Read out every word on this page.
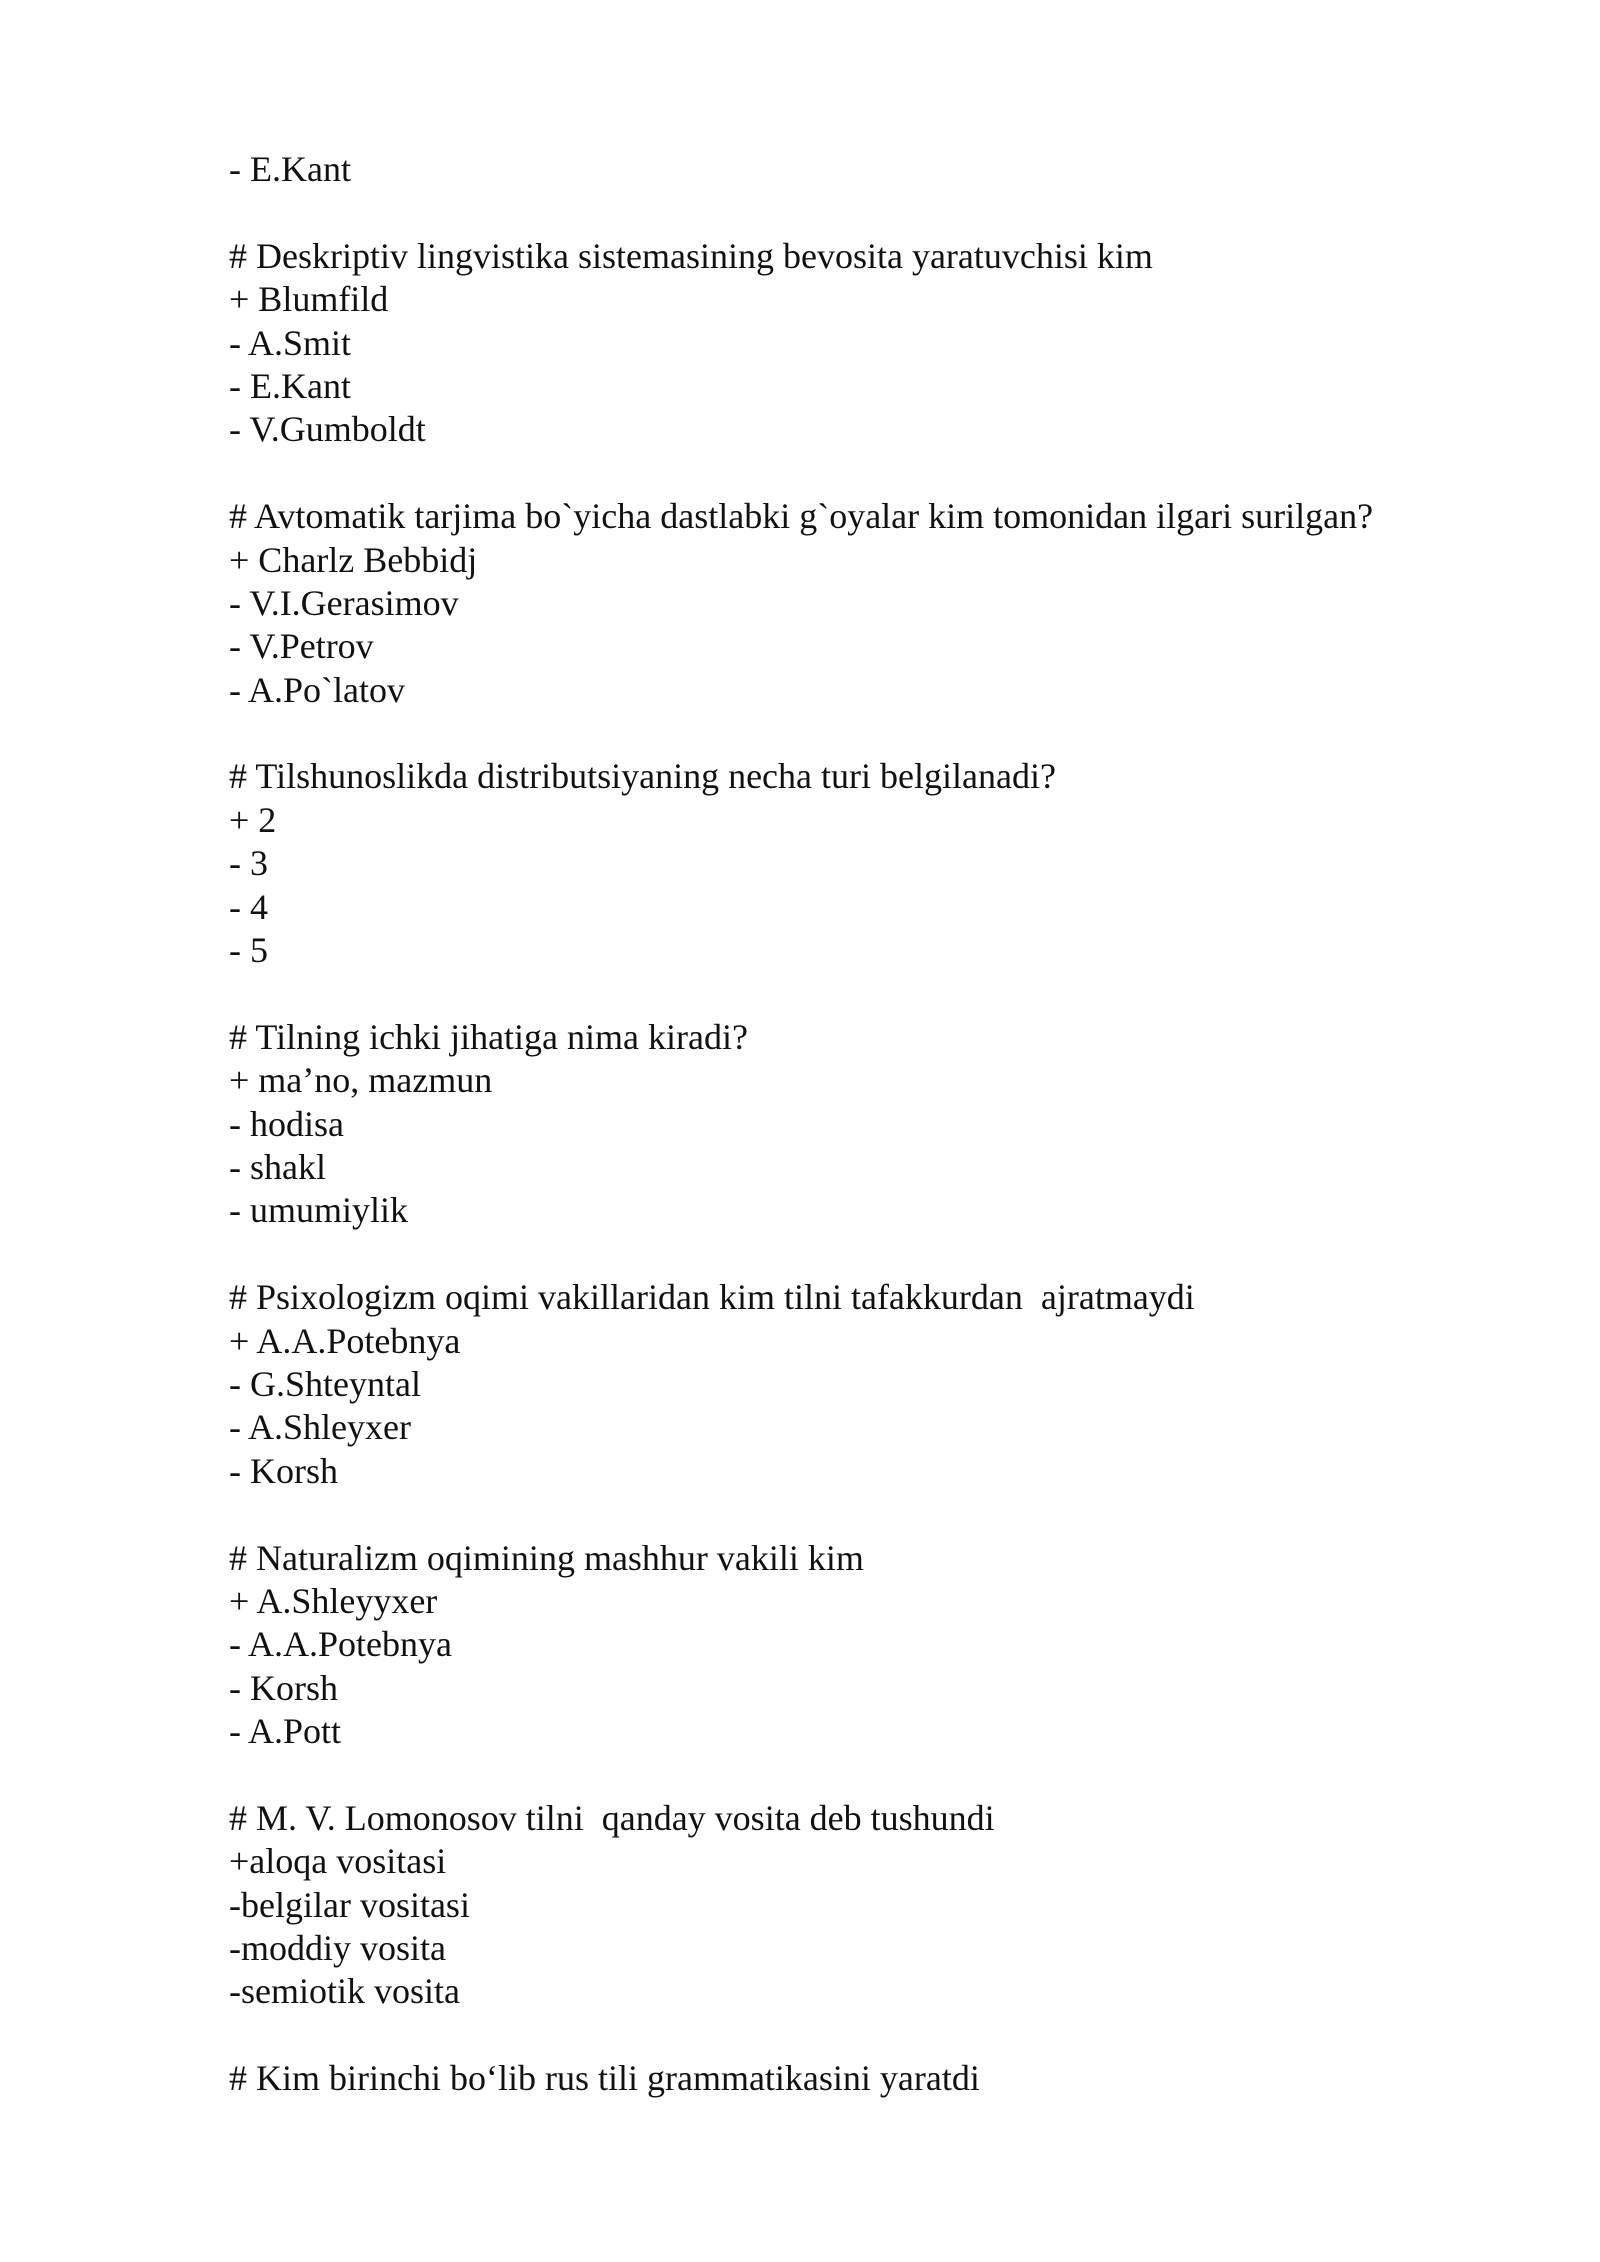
- E.Kant
# Deskriptiv lingvistika sistemasining bevosita yaratuvchisi kim
+ Blumfild
- A.Smit
- E.Kant
- V.Gumboldt
# Avtomatik tarjima bo`yicha dastlabki g`oyalar kim tomonidan ilgari surilgan?
+ Charlz Bebbidj
- V.I.Gerasimov
- V.Petrov
- A.Po`latov
# Tilshunoslikda distributsiyaning necha turi belgilanadi?
+ 2
- 3
- 4
- 5
# Tilning ichki jihatiga nima kiradi?
+ ma’no, mazmun
- hodisa
- shakl
- umumiylik
# Psixologizm oqimi vakillaridan kim tilni tafakkurdan  ajratmaydi
+ A.A.Potebnya
- G.Shteyntal
- A.Shleyxer
- Korsh
# Naturalizm oqimining mashhur vakili kim
+ A.Shleyyxer
- A.A.Potebnya
- Korsh
- A.Pott
# M. V. Lomonosov tilni  qanday vosita deb tushundi
+aloqa vositasi
-belgilar vositasi
-moddiy vosita
-semiotik vosita
# Kim birinchi bo‘lib rus tili grammatikasini yaratdi
